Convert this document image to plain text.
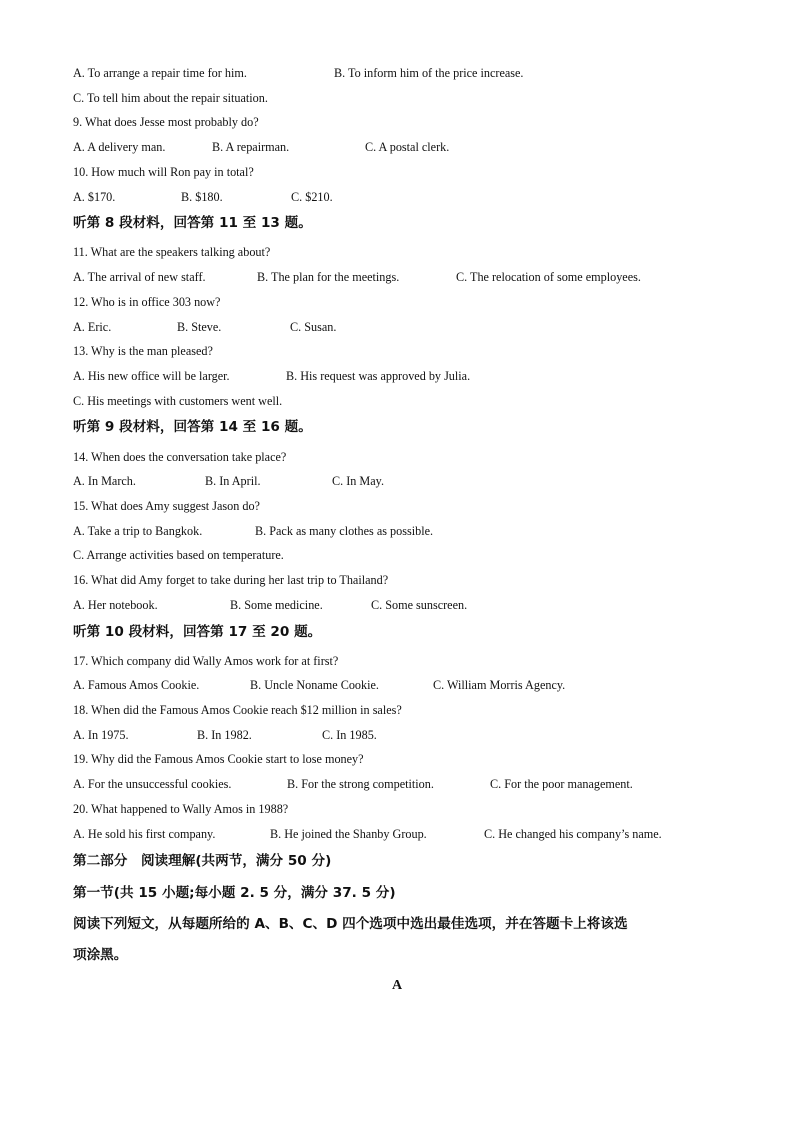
A. To arrange a repair time for him.	B. To inform him of the price increase.
C. To tell him about the repair situation.
9. What does Jesse most probably do?
A. A delivery man.	B. A repairman.	C. A postal clerk.
10. How much will Ron pay in total?
A. $170.	B. $180.	C. $210.
听第 8 段材料，回答第 11 至 13 题。
11. What are the speakers talking about?
A. The arrival of new staff.	B. The plan for the meetings.	C. The relocation of some employees.
12. Who is in office 303 now?
A. Eric.	B. Steve.	C. Susan.
13. Why is the man pleased?
A. His new office will be larger.	B. His request was approved by Julia.
C. His meetings with customers went well.
听第 9 段材料，回答第 14 至 16 题。
14. When does the conversation take place?
A. In March.	B. In April.	C. In May.
15. What does Amy suggest Jason do?
A. Take a trip to Bangkok.	B. Pack as many clothes as possible.
C. Arrange activities based on temperature.
16. What did Amy forget to take during her last trip to Thailand?
A. Her notebook.	B. Some medicine.	C. Some sunscreen.
听第 10 段材料，回答第 17 至 20 题。
17. Which company did Wally Amos work for at first?
A. Famous Amos Cookie.	B. Uncle Noname Cookie.	C. William Morris Agency.
18. When did the Famous Amos Cookie reach $12 million in sales?
A. In 1975.	B. In 1982.	C. In 1985.
19. Why did the Famous Amos Cookie start to lose money?
A. For the unsuccessful cookies.	B. For the strong competition.	C. For the poor management.
20. What happened to Wally Amos in 1988?
A. He sold his first company.	B. He joined the Shanby Group.	C. He changed his company’s name.
第二部分　阅读理解(共两节，满分 50 分)
第一节(共 15 小题;每小题 2. 5 分，满分 37. 5 分)
阅读下列短文，从每题所给的 A、B、C、D 四个选项中选出最佳选项，并在答题卡上将该选
项涂黑。
A
